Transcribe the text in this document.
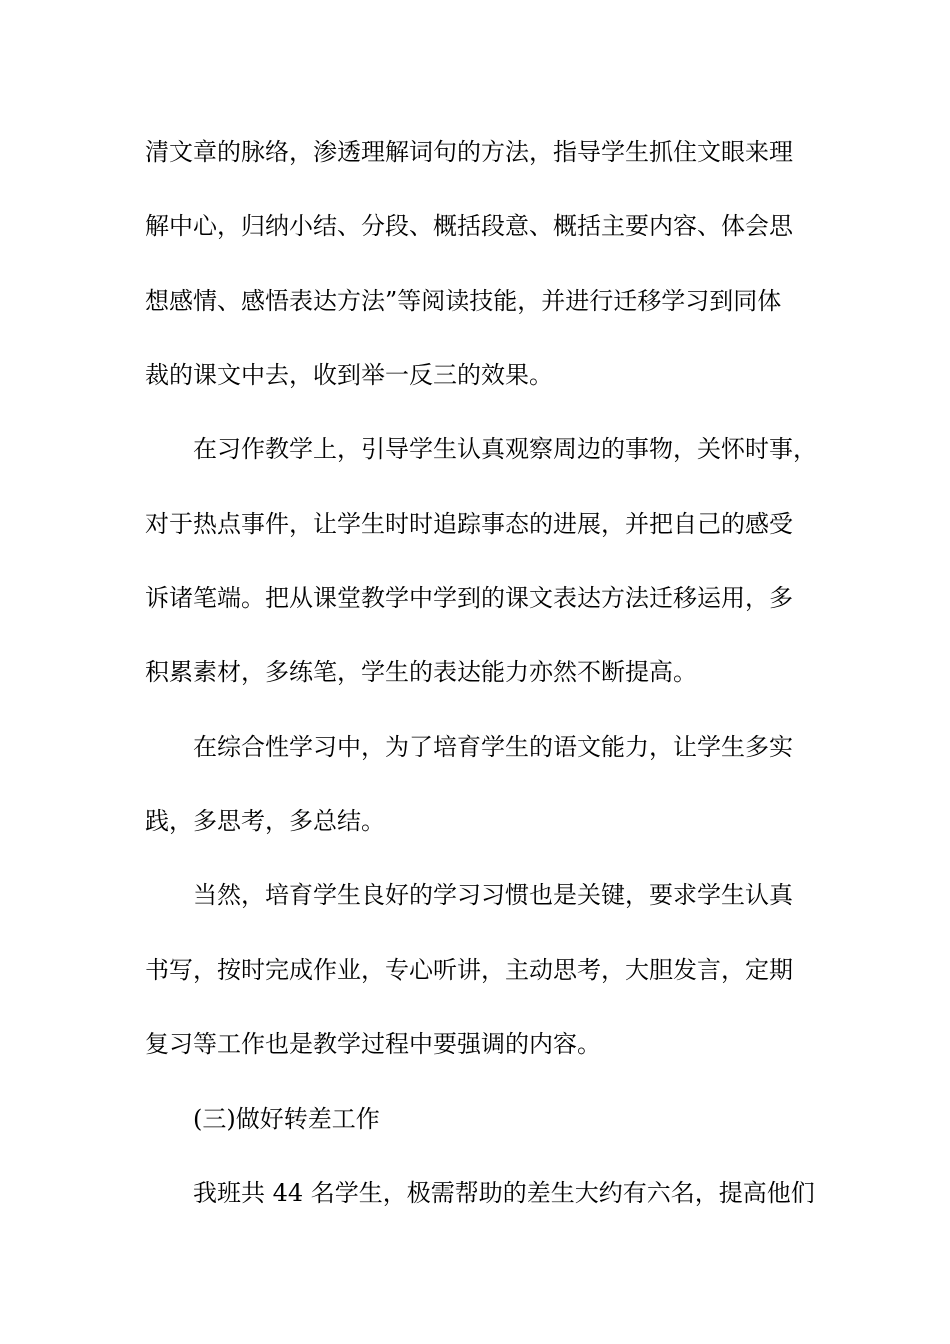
清文章的脉络，渗透理解词句的方法，指导学生抓住文眼来理

解中心，归纳小结、分段、概括段意、概括主要内容、体会思

想感情、感悟表达方法”等阅读技能，并进行迁移学习到同体

裁的课文中去，收到举一反三的效果。

在习作教学上，引导学生认真观察周边的事物，关怀时事，

对于热点事件，让学生时时追踪事态的进展，并把自己的感受

诉诸笔端。把从课堂教学中学到的课文表达方法迁移运用，多

积累素材，多练笔，学生的表达能力亦然不断提高。

在综合性学习中，为了培育学生的语文能力，让学生多实

践，多思考，多总结。

当然，培育学生良好的学习习惯也是关键，要求学生认真

书写，按时完成作业，专心听讲，主动思考，大胆发言，定期

复习等工作也是教学过程中要强调的内容。

(三)做好转差工作

我班共 44 名学生，极需帮助的差生大约有六名，提高他们
